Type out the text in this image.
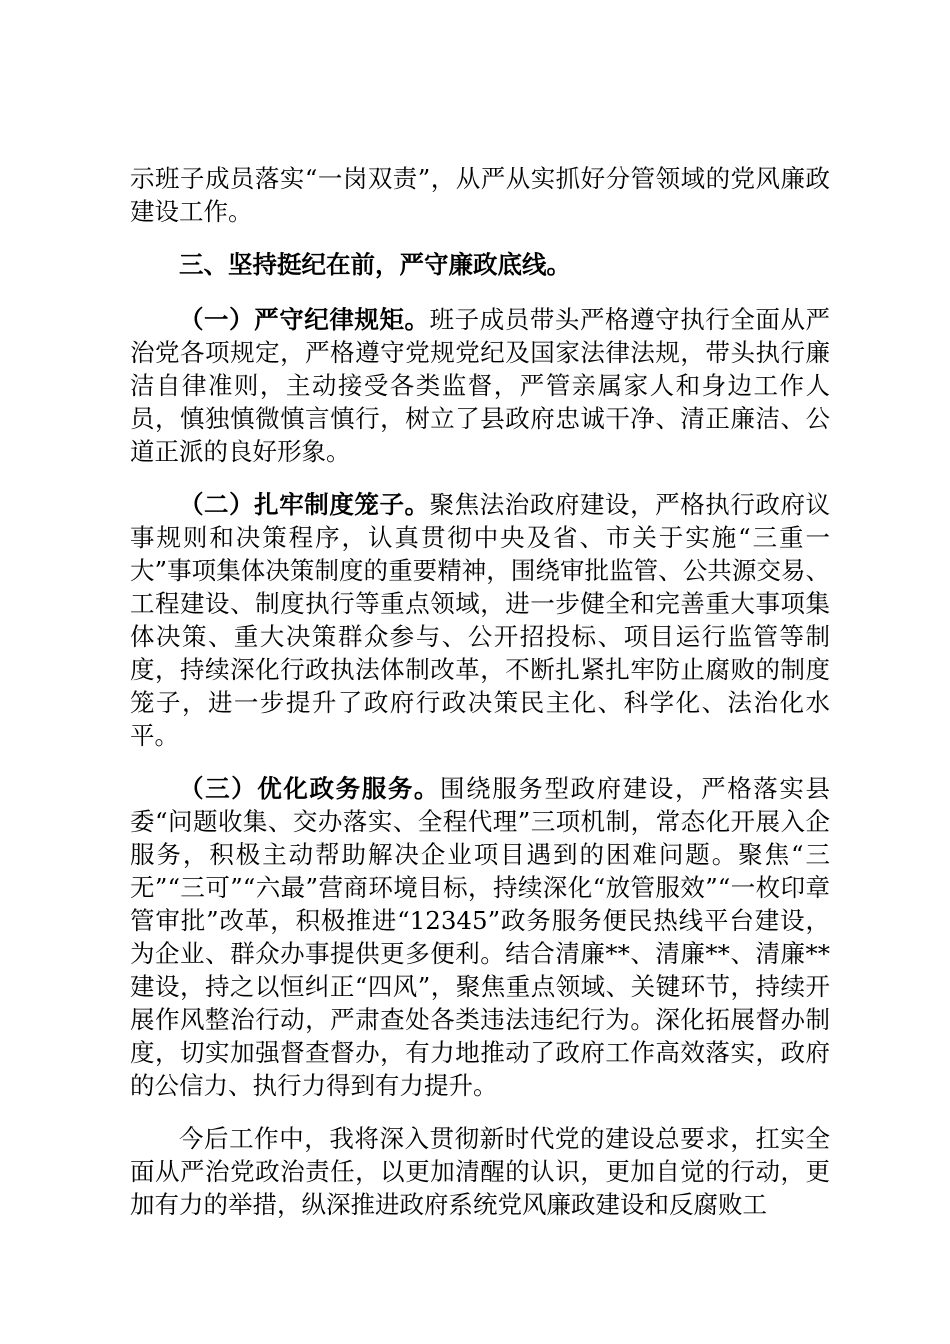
示班子成员落实“一岗双责”，从严从实抓好分管领域的党风廉政建设工作。

三、坚持挺纪在前，严守廉政底线。

（一）严守纪律规矩。班子成员带头严格遵守执行全面从严治党各项规定，严格遵守党规党纪及国家法律法规，带头执行廉洁自律准则，主动接受各类监督，严管亲属家人和身边工作人员，慎独慎微慎言慎行，树立了县政府忠诚干净、清正廉洁、公道正派的良好形象。

（二）扎牢制度笼子。聚焦法治政府建设，严格执行政府议事规则和决策程序，认真贯彻中央及省、市关于实施“三重一大”事项集体决策制度的重要精神，围绕审批监管、公共源交易、工程建设、制度执行等重点领域，进一步健全和完善重大事项集体决策、重大决策群众参与、公开招投标、项目运行监管等制度，持续深化行政执法体制改革，不断扎紧扎牢防止腐败的制度笼子，进一步提升了政府行政决策民主化、科学化、法治化水平。

（三）优化政务服务。围绕服务型政府建设，严格落实县委“问题收集、交办落实、全程代理”三项机制，常态化开展入企服务，积极主动帮助解决企业项目遇到的困难问题。聚焦“三无”“三可”“六最”营商环境目标，持续深化“放管服效”“一枚印章管审批”改革，积极推进“12345”政务服务便民热线平台建设，为企业、群众办事提供更多便利。结合清廉**、清廉**、清廉**建设，持之以恒纠正“四风”，聚焦重点领域、关键环节，持续开展作风整治行动，严肃查处各类违法违纪行为。深化拓展督办制度，切实加强督查督办，有力地推动了政府工作高效落实，政府的公信力、执行力得到有力提升。

今后工作中，我将深入贯彻新时代党的建设总要求，扛实全面从严治党政治责任，以更加清醒的认识，更加自觉的行动，更加有力的举措，纵深推进政府系统党风廉政建设和反腐败工
